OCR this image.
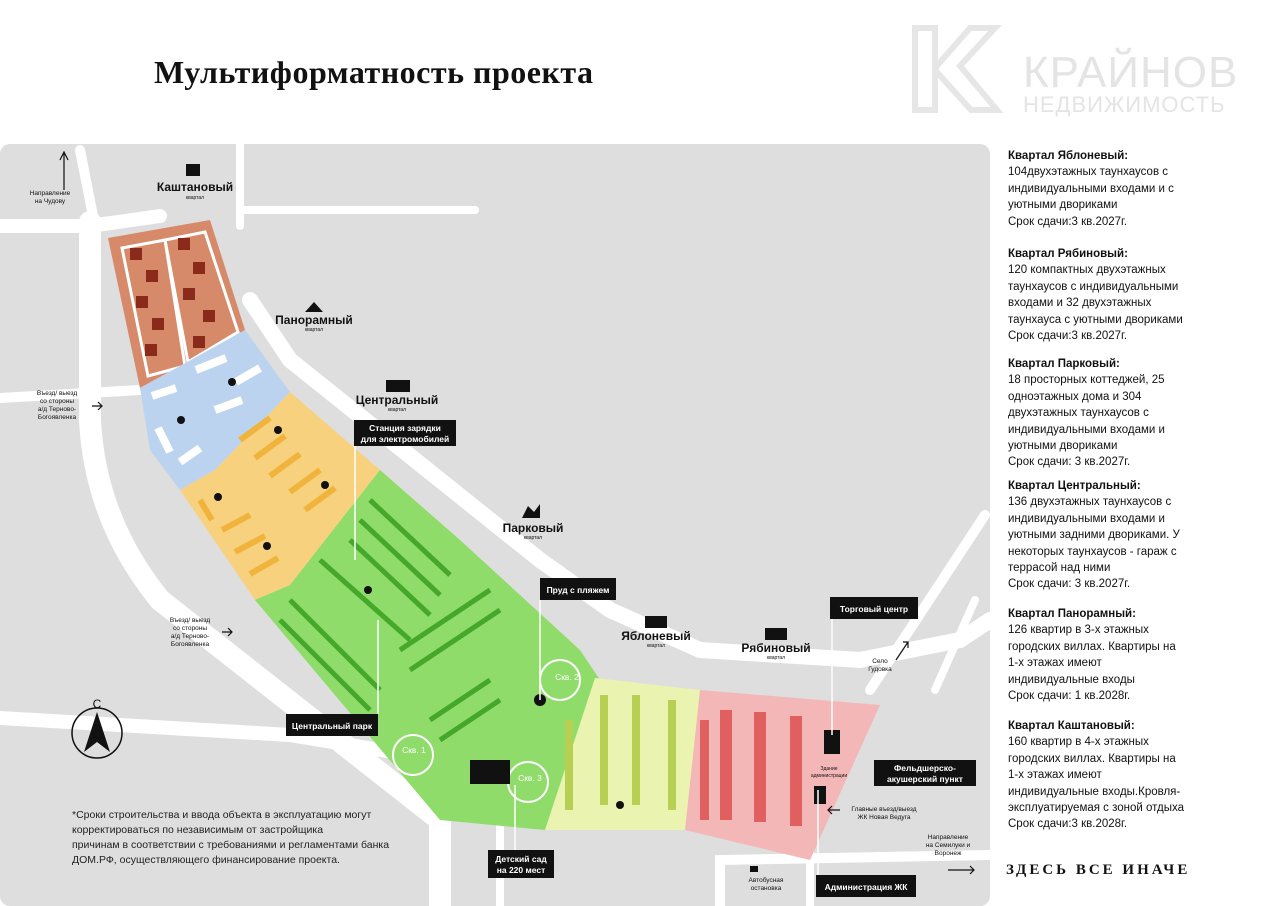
Мультиформатность проекта	КРАЙНОВ
НЕДВИЖИМОСТЬ
С
Каштановый
квартал
Панорамный
квартал
Центральный
квартал
Парковый
квартал
Яблоневый
квартал	Рябиновый
квартал
Станция зарядки
для электромобилей
Пруд с пляжем
Торговый центр
Центральный парк
Фельдшерско-
акушерский пункт
Детский сад
на 220 мест
Администрация ЖК
Скв. 1
Скв. 2
Скв. 3
Направление
на Чудову
Въезд/ выезд
со стороны
а/д Терново-
Богоявленка
Въезд/ выезд
со стороны
а/д Терново-
Богоявленка
Село
Гудовка
Направление
на Семилуки и
Воронеж
Главные въезд/выезд
ЖК Новая Ведуга
Автобусная
остановка
Здание
администрации
Квартал Яблоневый:
104двухэтажных таунхаусов с
индивидуальными входами и с
уютными двориками
Срок сдачи:3 кв.2027г.
Квартал Рябиновый:
120 компактных двухэтажных
таунхаусов с индивидуальными
входами и 32 двухэтажных
таунхауса с уютными двориками
Срок сдачи:3 кв.2027г.
Квартал Парковый:
18 просторных коттеджей, 25
одноэтажных дома и 304
двухэтажных таунхаусов с
индивидуальными входами и
уютными двориками
Срок сдачи: 3 кв.2027г.
Квартал Центральный:
136 двухэтажных таунхаусов с
индивидуальными входами и
уютными задними двориками. У
некоторых таунхаусов - гараж с
террасой над ними
Срок сдачи: 3 кв.2027г.
Квартал Панорамный:
126 квартир в 3-х этажных
городских виллах. Квартиры на
1-х этажах имеют
индивидуальные входы
Срок сдачи: 1 кв.2028г.
Квартал Каштановый:
160 квартир в 4-х этажных
городских виллах. Квартиры на
1-х этажах имеют
индивидуальные входы.Кровля-
эксплуатируемая с зоной отдыха
Срок сдачи:3 кв.2028г.
*Сроки строительства и ввода объекта в эксплуатацию могут
корректироваться по независимым от застройщика
причинам в соответствии с требованиями и регламентами банка
ДОМ.РФ, осуществляющего финансирование проекта.
ЗДЕСЬ ВСЕ ИНАЧЕ
